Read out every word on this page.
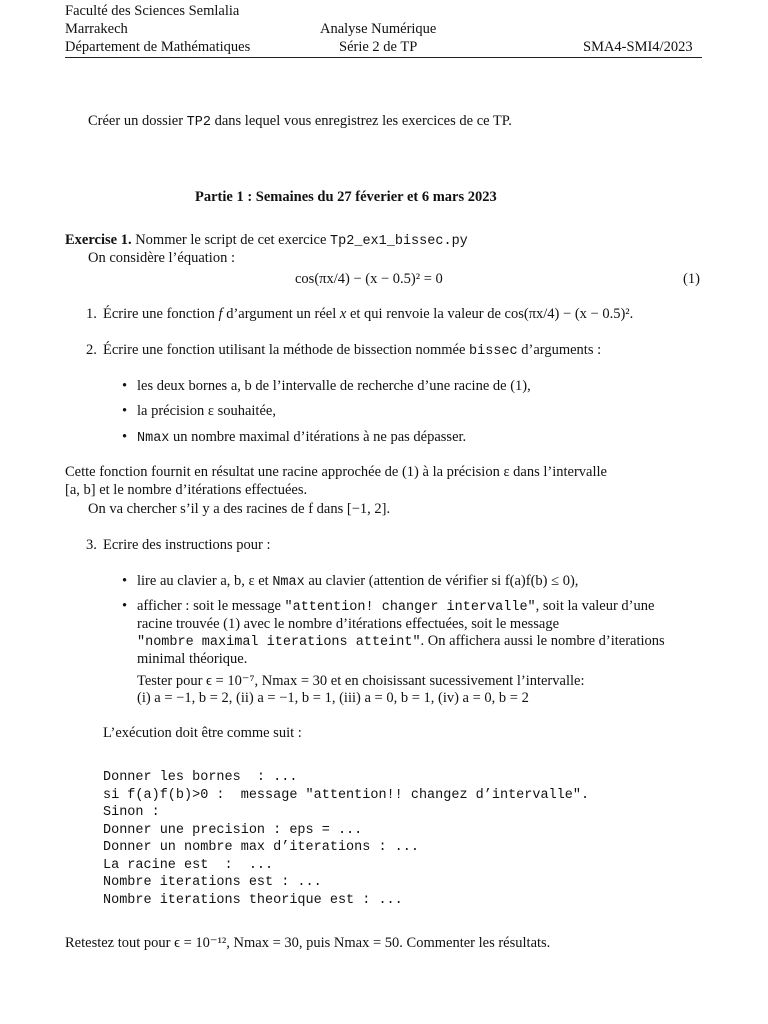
Faculté des Sciences Semlalia
Marrakech
Département de Mathématiques
Analyse Numérique
Série 2 de TP	SMA4-SMI4/2023
Créer un dossier TP2 dans lequel vous enregistrez les exercices de ce TP.
Partie 1 : Semaines du 27 féverier et 6 mars 2023
Exercise 1. Nommer le script de cet exercice Tp2_ex1_bissec.py
On considère l’équation :
cos(πx/4) − (x − 0.5)² = 0	(1)
1. Écrire une fonction f d’argument un réel x et qui renvoie la valeur de cos(πx/4) − (x − 0.5)².
2. Écrire une fonction utilisant la méthode de bissection nommée bissec d’arguments :
• les deux bornes a, b de l’intervalle de recherche d’une racine de (1),
• la précision ε souhaitée,
• Nmax un nombre maximal d’itérations à ne pas dépasser.
Cette fonction fournit en résultat une racine approchée de (1) à la précision ε dans l’intervalle
[a, b] et le nombre d’itérations effectuées.
On va chercher s’il y a des racines de f dans [−1, 2].
3. Ecrire des instructions pour :
• lire au clavier a, b, ε et Nmax au clavier (attention de vérifier si f(a)f(b) ≤ 0),
• afficher : soit le message "attention! changer intervalle", soit la valeur d’une
racine trouvée (1) avec le nombre d’itérations effectuées, soit le message
"nombre maximal iterations atteint". On affichera aussi le nombre d’iterations
minimal théorique.
Tester pour ϵ = 10⁻⁷, Nmax = 30 et en choisissant sucessivement l’intervalle:
(i) a = −1, b = 2, (ii) a = −1, b = 1, (iii) a = 0, b = 1, (iv) a = 0, b = 2
L’exécution doit être comme suit :
Donner les bornes  : ...
si f(a)f(b)>0 :  message "attention!! changez d’intervalle".
Sinon :
Donner une precision : eps = ...
Donner un nombre max d’iterations : ...
La racine est  :  ...
Nombre iterations est : ...
Nombre iterations theorique est : ...
Retestez tout pour ϵ = 10⁻¹², Nmax = 30, puis Nmax = 50. Commenter les résultats.
